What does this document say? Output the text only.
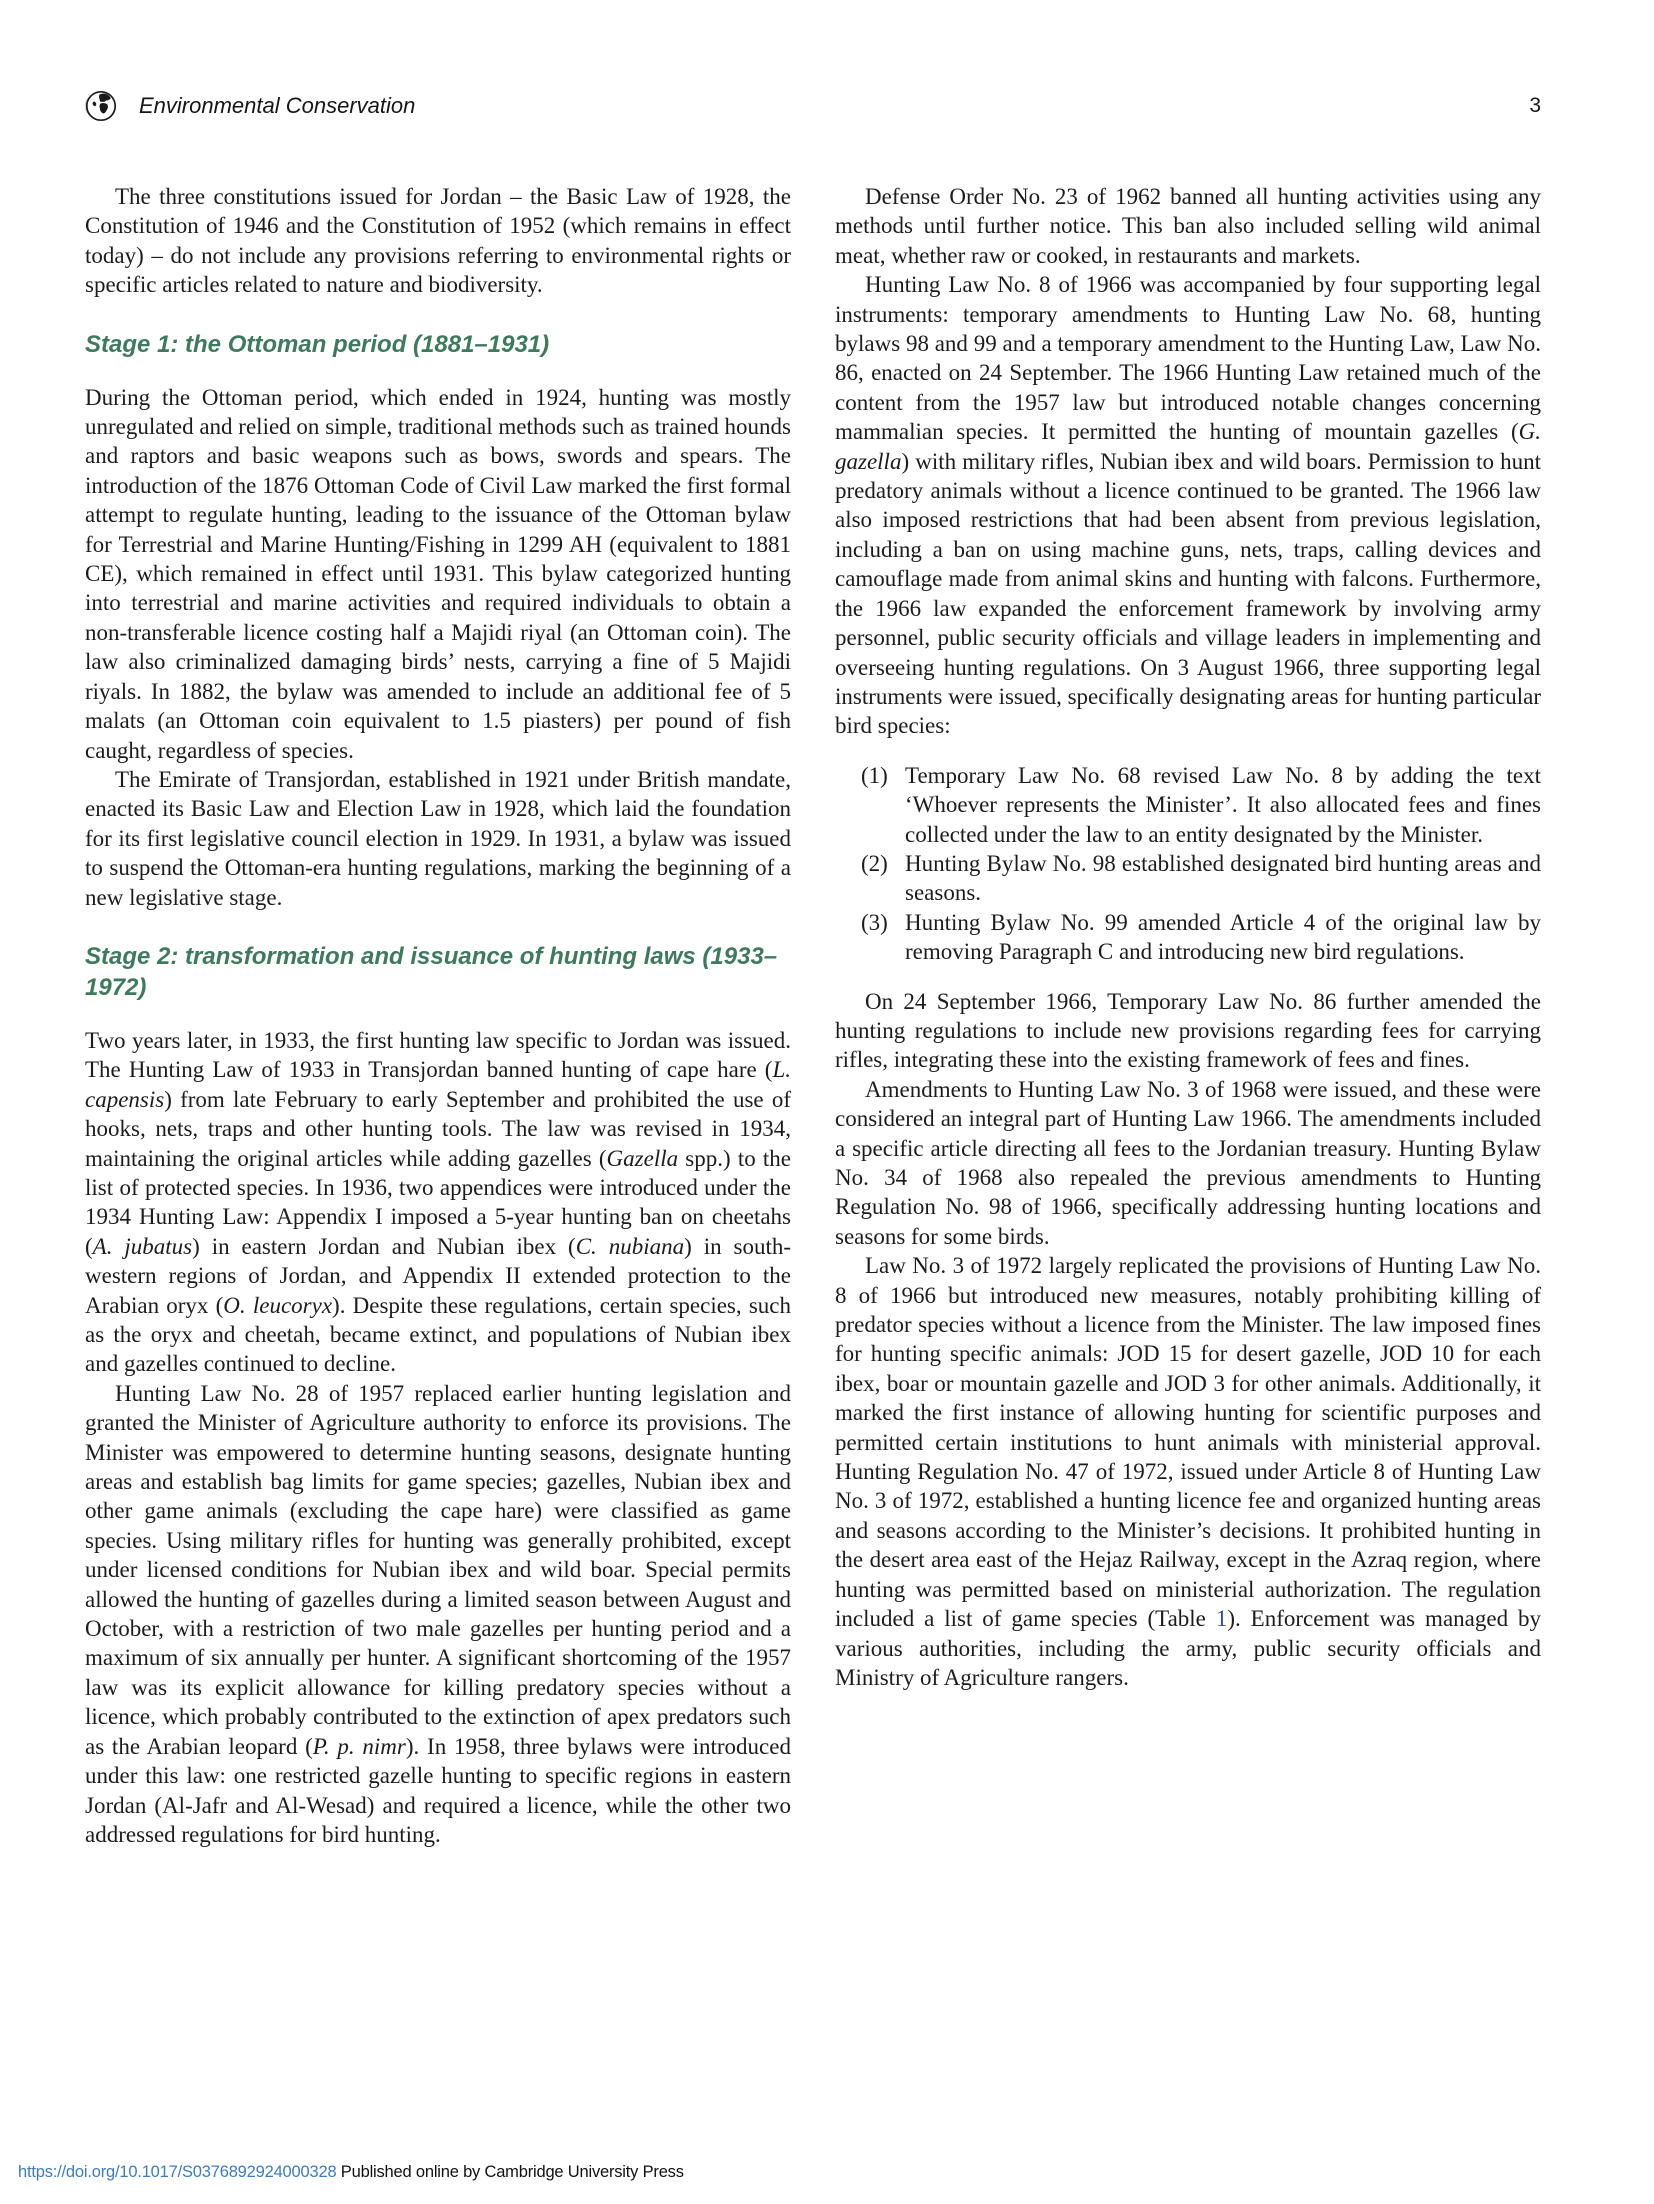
Environmental Conservation	3

The three constitutions issued for Jordan – the Basic Law of 1928, the Constitution of 1946 and the Constitution of 1952 (which remains in effect today) – do not include any provisions referring to environmental rights or specific articles related to nature and biodiversity.

Stage 1: the Ottoman period (1881–1931)

During the Ottoman period, which ended in 1924, hunting was mostly unregulated and relied on simple, traditional methods such as trained hounds and raptors and basic weapons such as bows, swords and spears. The introduction of the 1876 Ottoman Code of Civil Law marked the first formal attempt to regulate hunting, leading to the issuance of the Ottoman bylaw for Terrestrial and Marine Hunting/Fishing in 1299 AH (equivalent to 1881 CE), which remained in effect until 1931. This bylaw categorized hunting into terrestrial and marine activities and required individuals to obtain a non-transferable licence costing half a Majidi riyal (an Ottoman coin). The law also criminalized damaging birds’ nests, carrying a fine of 5 Majidi riyals. In 1882, the bylaw was amended to include an additional fee of 5 malats (an Ottoman coin equivalent to 1.5 piasters) per pound of fish caught, regardless of species.

The Emirate of Transjordan, established in 1921 under British mandate, enacted its Basic Law and Election Law in 1928, which laid the foundation for its first legislative council election in 1929. In 1931, a bylaw was issued to suspend the Ottoman-era hunting regulations, marking the beginning of a new legislative stage.

Stage 2: transformation and issuance of hunting laws (1933–1972)

Two years later, in 1933, the first hunting law specific to Jordan was issued. The Hunting Law of 1933 in Transjordan banned hunting of cape hare (L. capensis) from late February to early September and prohibited the use of hooks, nets, traps and other hunting tools. The law was revised in 1934, maintaining the original articles while adding gazelles (Gazella spp.) to the list of protected species. In 1936, two appendices were introduced under the 1934 Hunting Law: Appendix I imposed a 5-year hunting ban on cheetahs (A. jubatus) in eastern Jordan and Nubian ibex (C. nubiana) in south-western regions of Jordan, and Appendix II extended protection to the Arabian oryx (O. leucoryx). Despite these regulations, certain species, such as the oryx and cheetah, became extinct, and populations of Nubian ibex and gazelles continued to decline.

Hunting Law No. 28 of 1957 replaced earlier hunting legislation and granted the Minister of Agriculture authority to enforce its provisions. The Minister was empowered to determine hunting seasons, designate hunting areas and establish bag limits for game species; gazelles, Nubian ibex and other game animals (excluding the cape hare) were classified as game species. Using military rifles for hunting was generally prohibited, except under licensed conditions for Nubian ibex and wild boar. Special permits allowed the hunting of gazelles during a limited season between August and October, with a restriction of two male gazelles per hunting period and a maximum of six annually per hunter. A significant shortcoming of the 1957 law was its explicit allowance for killing predatory species without a licence, which probably contributed to the extinction of apex predators such as the Arabian leopard (P. p. nimr). In 1958, three bylaws were introduced under this law: one restricted gazelle hunting to specific regions in eastern Jordan (Al-Jafr and Al-Wesad) and required a licence, while the other two addressed regulations for bird hunting.

Defense Order No. 23 of 1962 banned all hunting activities using any methods until further notice. This ban also included selling wild animal meat, whether raw or cooked, in restaurants and markets.

Hunting Law No. 8 of 1966 was accompanied by four supporting legal instruments: temporary amendments to Hunting Law No. 68, hunting bylaws 98 and 99 and a temporary amendment to the Hunting Law, Law No. 86, enacted on 24 September. The 1966 Hunting Law retained much of the content from the 1957 law but introduced notable changes concerning mammalian species. It permitted the hunting of mountain gazelles (G. gazella) with military rifles, Nubian ibex and wild boars. Permission to hunt predatory animals without a licence continued to be granted. The 1966 law also imposed restrictions that had been absent from previous legislation, including a ban on using machine guns, nets, traps, calling devices and camouflage made from animal skins and hunting with falcons. Furthermore, the 1966 law expanded the enforcement framework by involving army personnel, public security officials and village leaders in implementing and overseeing hunting regulations. On 3 August 1966, three supporting legal instruments were issued, specifically designating areas for hunting particular bird species:

(1) Temporary Law No. 68 revised Law No. 8 by adding the text ‘Whoever represents the Minister’. It also allocated fees and fines collected under the law to an entity designated by the Minister.
(2) Hunting Bylaw No. 98 established designated bird hunting areas and seasons.
(3) Hunting Bylaw No. 99 amended Article 4 of the original law by removing Paragraph C and introducing new bird regulations.

On 24 September 1966, Temporary Law No. 86 further amended the hunting regulations to include new provisions regarding fees for carrying rifles, integrating these into the existing framework of fees and fines.

Amendments to Hunting Law No. 3 of 1968 were issued, and these were considered an integral part of Hunting Law 1966. The amendments included a specific article directing all fees to the Jordanian treasury. Hunting Bylaw No. 34 of 1968 also repealed the previous amendments to Hunting Regulation No. 98 of 1966, specifically addressing hunting locations and seasons for some birds.

Law No. 3 of 1972 largely replicated the provisions of Hunting Law No. 8 of 1966 but introduced new measures, notably prohibiting killing of predator species without a licence from the Minister. The law imposed fines for hunting specific animals: JOD 15 for desert gazelle, JOD 10 for each ibex, boar or mountain gazelle and JOD 3 for other animals. Additionally, it marked the first instance of allowing hunting for scientific purposes and permitted certain institutions to hunt animals with ministerial approval. Hunting Regulation No. 47 of 1972, issued under Article 8 of Hunting Law No. 3 of 1972, established a hunting licence fee and organized hunting areas and seasons according to the Minister’s decisions. It prohibited hunting in the desert area east of the Hejaz Railway, except in the Azraq region, where hunting was permitted based on ministerial authorization. The regulation included a list of game species (Table 1). Enforcement was managed by various authorities, including the army, public security officials and Ministry of Agriculture rangers.

https://doi.org/10.1017/S0376892924000328 Published online by Cambridge University Press
